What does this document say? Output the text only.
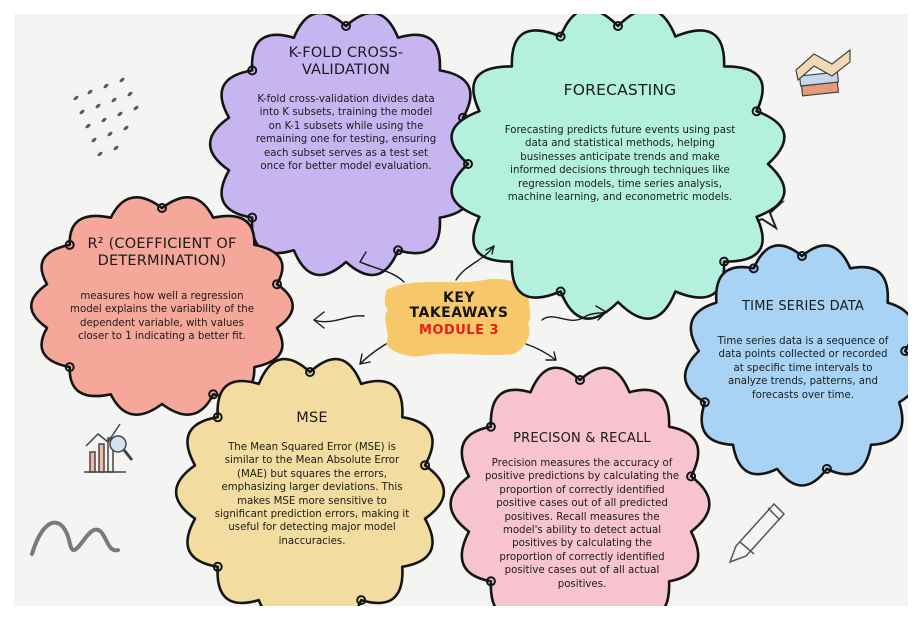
KEY
TAKEAWAYS
MODULE 3
K-FOLD CROSS-
VALIDATION
K-fold cross-validation divides data into K subsets, training the model on K-1 subsets while using the remaining one for testing, ensuring each subset serves as a test set once for better model evaluation.
FORECASTING
Forecasting predicts future events using past data and statistical methods, helping businesses anticipate trends and make informed decisions through techniques like regression models, time series analysis, machine learning, and econometric models.
R² (COEFFICIENT OF
DETERMINATION)
measures how well a regression model explains the variability of the dependent variable, with values closer to 1 indicating a better fit.
TIME SERIES DATA
Time series data is a sequence of data points collected or recorded at specific time intervals to analyze trends, patterns, and forecasts over time.
MSE
The Mean Squared Error (MSE) is similar to the Mean Absolute Error (MAE) but squares the errors, emphasizing larger deviations. This makes MSE more sensitive to significant prediction errors, making it useful for detecting major model inaccuracies.
PRECISON & RECALL
Precision measures the accuracy of positive predictions by calculating the proportion of correctly identified positive cases out of all predicted positives. Recall measures the model's ability to detect actual positives by calculating the proportion of correctly identified positive cases out of all actual positives.
